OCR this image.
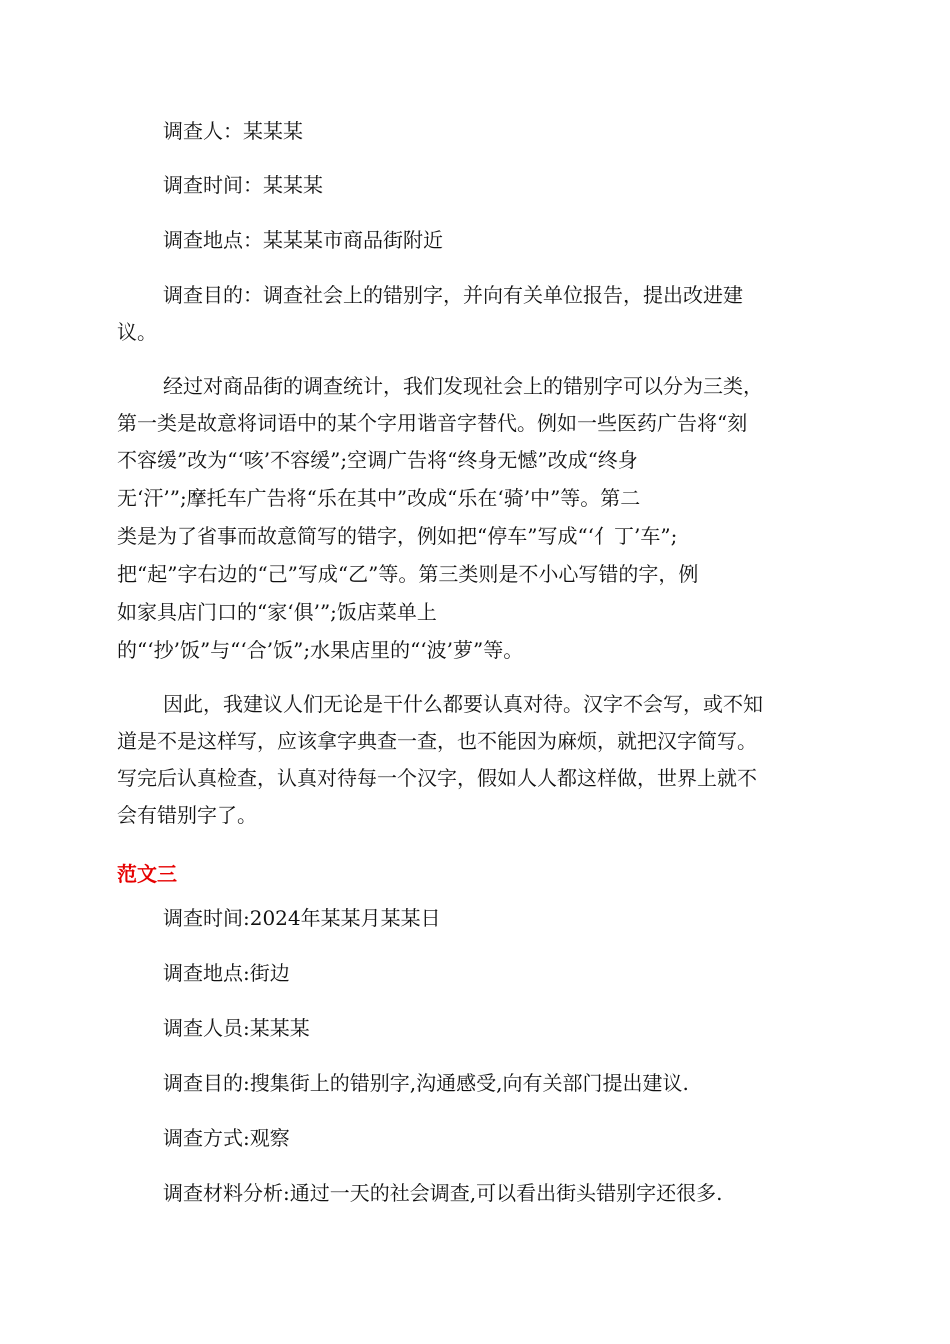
调查人：某某某
调查时间：某某某
调查地点：某某某市商品街附近
调查目的：调查社会上的错别字，并向有关单位报告，提出改进建
议。
经过对商品街的调查统计，我们发现社会上的错别字可以分为三类，
第一类是故意将词语中的某个字用谐音字替代。例如一些医药广告将“刻
不容缓”改为“‘咳’不容缓”;空调广告将“终身无憾”改成“终身
无‘汗’”;摩托车广告将“乐在其中”改成“乐在‘骑’中”等。第二
类是为了省事而故意简写的错字，例如把“停车”写成“‘亻丁’车”;
把“起”字右边的“己”写成“乙”等。第三类则是不小心写错的字，例
如家具店门口的“家‘俱’”;饭店菜单上
的“‘抄’饭”与“‘合’饭”;水果店里的“‘波’萝”等。
因此，我建议人们无论是干什么都要认真对待。汉字不会写，或不知
道是不是这样写，应该拿字典查一查，也不能因为麻烦，就把汉字简写。
写完后认真检查，认真对待每一个汉字，假如人人都这样做，世界上就不
会有错别字了。
范文三
调查时间:2024年某某月某某日
调查地点:街边
调查人员:某某某
调查目的:搜集街上的错别字,沟通感受,向有关部门提出建议.
调查方式:观察
调查材料分析:通过一天的社会调查,可以看出街头错别字还很多.
